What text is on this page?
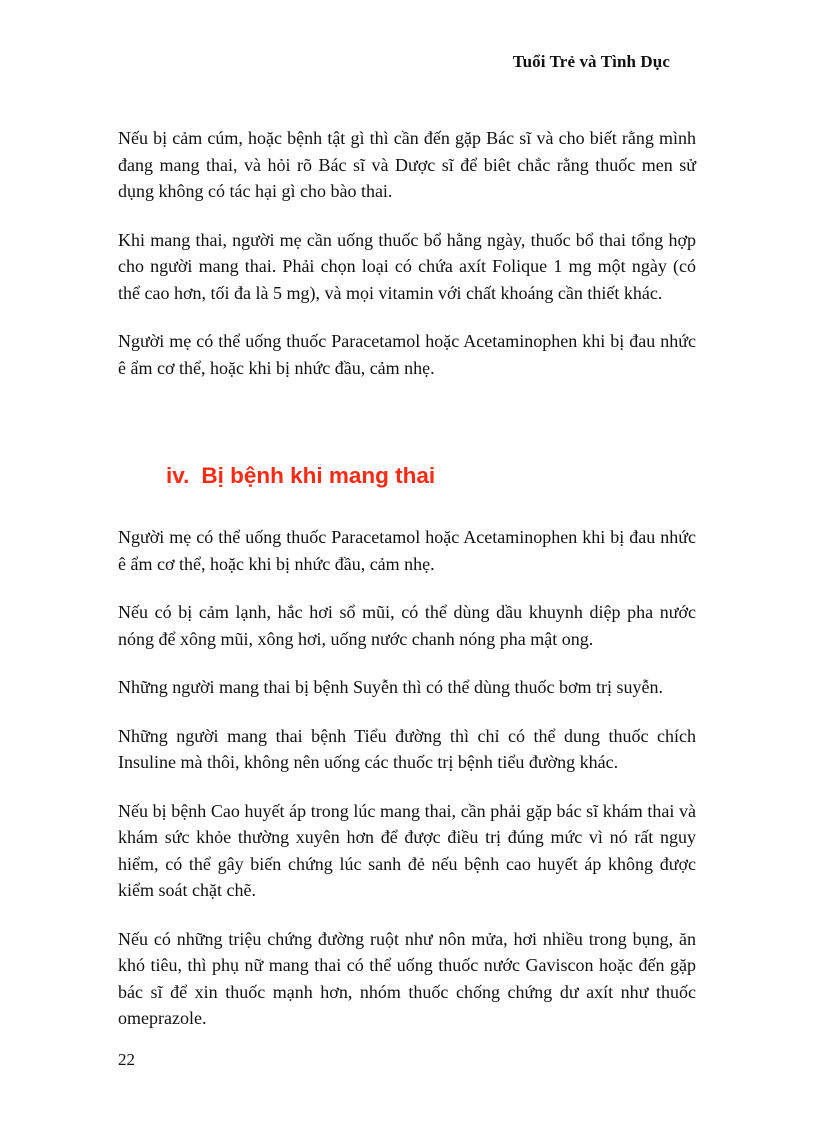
Tuổi Trẻ và Tình Dục

Nếu bị cảm cúm, hoặc bệnh tật gì thì cần đến gặp Bác sĩ và cho biết rằng mình đang mang thai, và hỏi rõ Bác sĩ và Dược sĩ để biêt chắc rằng thuốc men sử dụng không có tác hại gì cho bào thai.

Khi mang thai, người mẹ cần uống thuốc bổ hằng ngày, thuốc bổ thai tổng hợp cho người mang thai. Phải chọn loại có chứa axít Folique 1 mg một ngày (có thể cao hơn, tối đa là 5 mg), và mọi vitamin với chất khoáng cần thiết khác.

Người mẹ có thể uống thuốc Paracetamol hoặc Acetaminophen khi bị đau nhức ê ẩm cơ thể, hoặc khi bị nhức đầu, cảm nhẹ.

iv. Bị bệnh khi mang thai

Người mẹ có thể uống thuốc Paracetamol hoặc Acetaminophen khi bị đau nhức ê ẩm cơ thể, hoặc khi bị nhức đầu, cảm nhẹ.

Nếu có bị cảm lạnh, hắc hơi sổ mũi, có thể dùng dầu khuynh diệp pha nước nóng để xông mũi, xông hơi, uống nước chanh nóng pha mật ong.

Những người mang thai bị bệnh Suyễn thì có thể dùng thuốc bơm trị suyễn.

Những người mang thai bệnh Tiểu đường thì chỉ có thể dung thuốc chích Insuline mà thôi, không nên uống các thuốc trị bệnh tiểu đường khác.

Nếu bị bệnh Cao huyết áp trong lúc mang thai, cần phải gặp bác sĩ khám thai và khám sức khỏe thường xuyên hơn để được điều trị đúng mức vì nó rất nguy hiểm, có thể gây biến chứng lúc sanh đẻ nếu bệnh cao huyết áp không được kiểm soát chặt chẽ.

Nếu có những triệu chứng đường ruột như nôn mửa, hơi nhiều trong bụng, ăn khó tiêu, thì phụ nữ mang thai có thể uống thuốc nước Gaviscon hoặc đến gặp bác sĩ để xin thuốc mạnh hơn, nhóm thuốc chống chứng dư axít như thuốc omeprazole.

22
